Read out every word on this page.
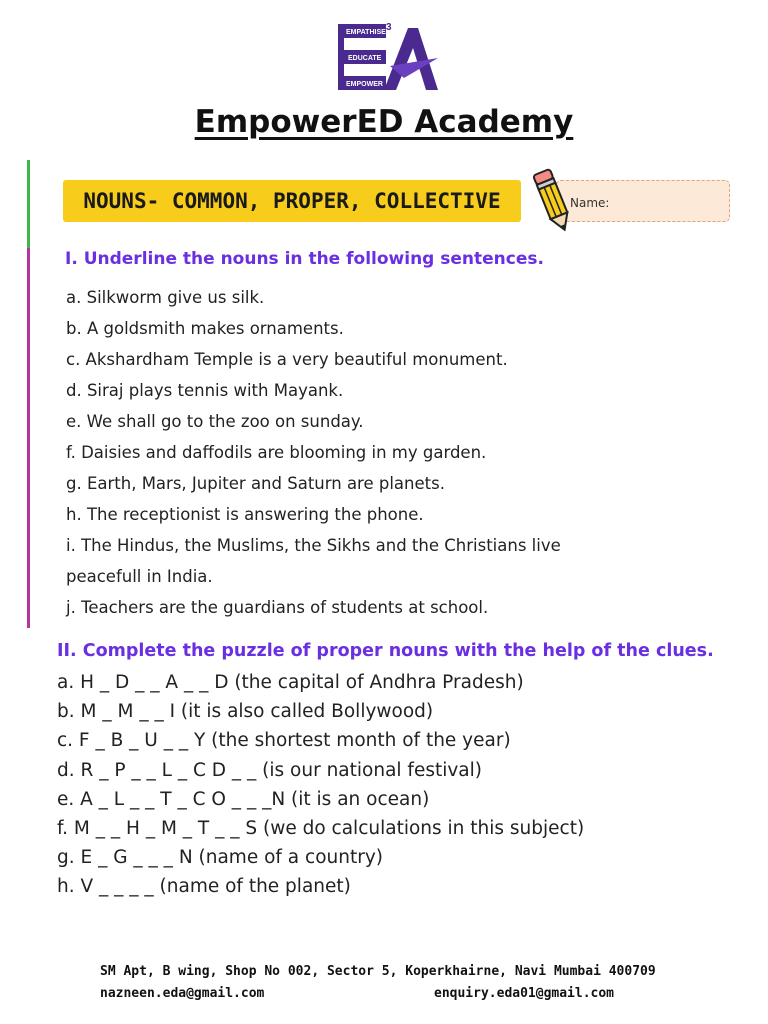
EMPATHISE
EDUCATE
EMPOWER
3
EmpowerED Academy
NOUNS- COMMON, PROPER, COLLECTIVE	Name:
I. Underline the nouns in the following sentences.
a. Silkworm give us silk.
b. A goldsmith makes ornaments.
c. Akshardham Temple is a very beautiful monument.
d. Siraj plays tennis with Mayank.
e. We shall go to the zoo on sunday.
f. Daisies and daffodils are blooming in my garden.
g. Earth, Mars, Jupiter and Saturn are planets.
h. The receptionist is answering the phone.
i. The Hindus, the Muslims, the Sikhs and the Christians live
peacefull in India.
j. Teachers are the guardians of students at school.
II. Complete the puzzle of proper nouns with the help of the clues.
a. H _ D _ _ A _ _ D (the capital of Andhra Pradesh)
b. M _ M _ _ I (it is also called Bollywood)
c. F _ B _ U _ _ Y (the shortest month of the year)
d. R _ P _ _ L _ C D _ _ (is our national festival)
e. A _ L _ _ T _ C O _ _ _N (it is an ocean)
f. M _ _ H _ M _ T _ _ S (we do calculations in this subject)
g. E _ G _ _ _ N (name of a country)
h. V _ _ _ _ (name of the planet)
SM Apt, B wing, Shop No 002, Sector 5, Koperkhairne, Navi Mumbai 400709
nazneen.eda@gmail.com	enquiry.eda01@gmail.com
